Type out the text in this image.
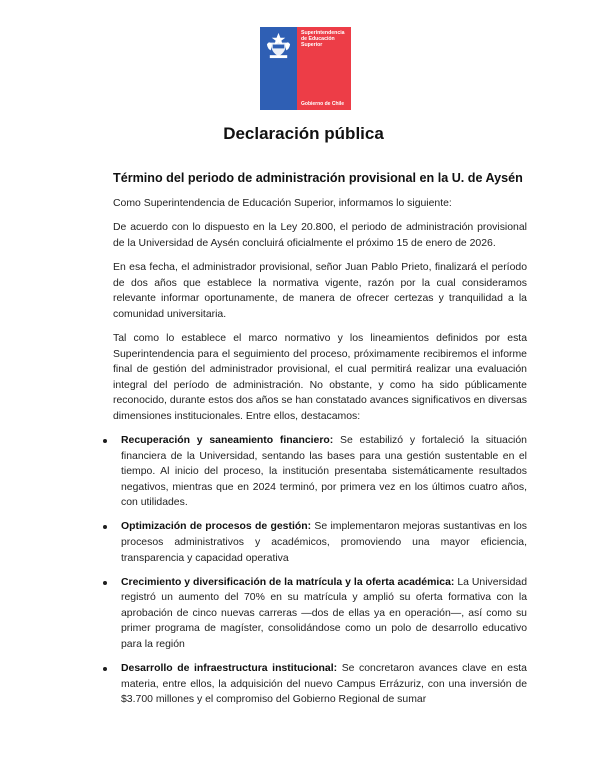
Superintendencia
de Educación
Superior
Gobierno de Chile
Declaración pública
Término del periodo de administración provisional en la U. de Aysén

Como Superintendencia de Educación Superior, informamos lo siguiente:

De acuerdo con lo dispuesto en la Ley 20.800, el periodo de administración provisional de la Universidad de Aysén concluirá oficialmente el próximo 15 de enero de 2026.

En esa fecha, el administrador provisional, señor Juan Pablo Prieto, finalizará el período de dos años que establece la normativa vigente, razón por la cual consideramos relevante informar oportunamente, de manera de ofrecer certezas y tranquilidad a la comunidad universitaria.

Tal como lo establece el marco normativo y los lineamientos definidos por esta Superintendencia para el seguimiento del proceso, próximamente recibiremos el informe final de gestión del administrador provisional, el cual permitirá realizar una evaluación integral del período de administración. No obstante, y como ha sido públicamente reconocido, durante estos dos años se han constatado avances significativos en diversas dimensiones institucionales. Entre ellos, destacamos:

Recuperación y saneamiento financiero: Se estabilizó y fortaleció la situación financiera de la Universidad, sentando las bases para una gestión sustentable en el tiempo. Al inicio del proceso, la institución presentaba sistemáticamente resultados negativos, mientras que en 2024 terminó, por primera vez en los últimos cuatro años, con utilidades.
Optimización de procesos de gestión: Se implementaron mejoras sustantivas en los procesos administrativos y académicos, promoviendo una mayor eficiencia, transparencia y capacidad operativa
Crecimiento y diversificación de la matrícula y la oferta académica: La Universidad registró un aumento del 70% en su matrícula y amplió su oferta formativa con la aprobación de cinco nuevas carreras —dos de ellas ya en operación—, así como su primer programa de magíster, consolidándose como un polo de desarrollo educativo para la región
Desarrollo de infraestructura institucional: Se concretaron avances clave en esta materia, entre ellos, la adquisición del nuevo Campus Errázuriz, con una inversión de $3.700 millones y el compromiso del Gobierno Regional de sumar
